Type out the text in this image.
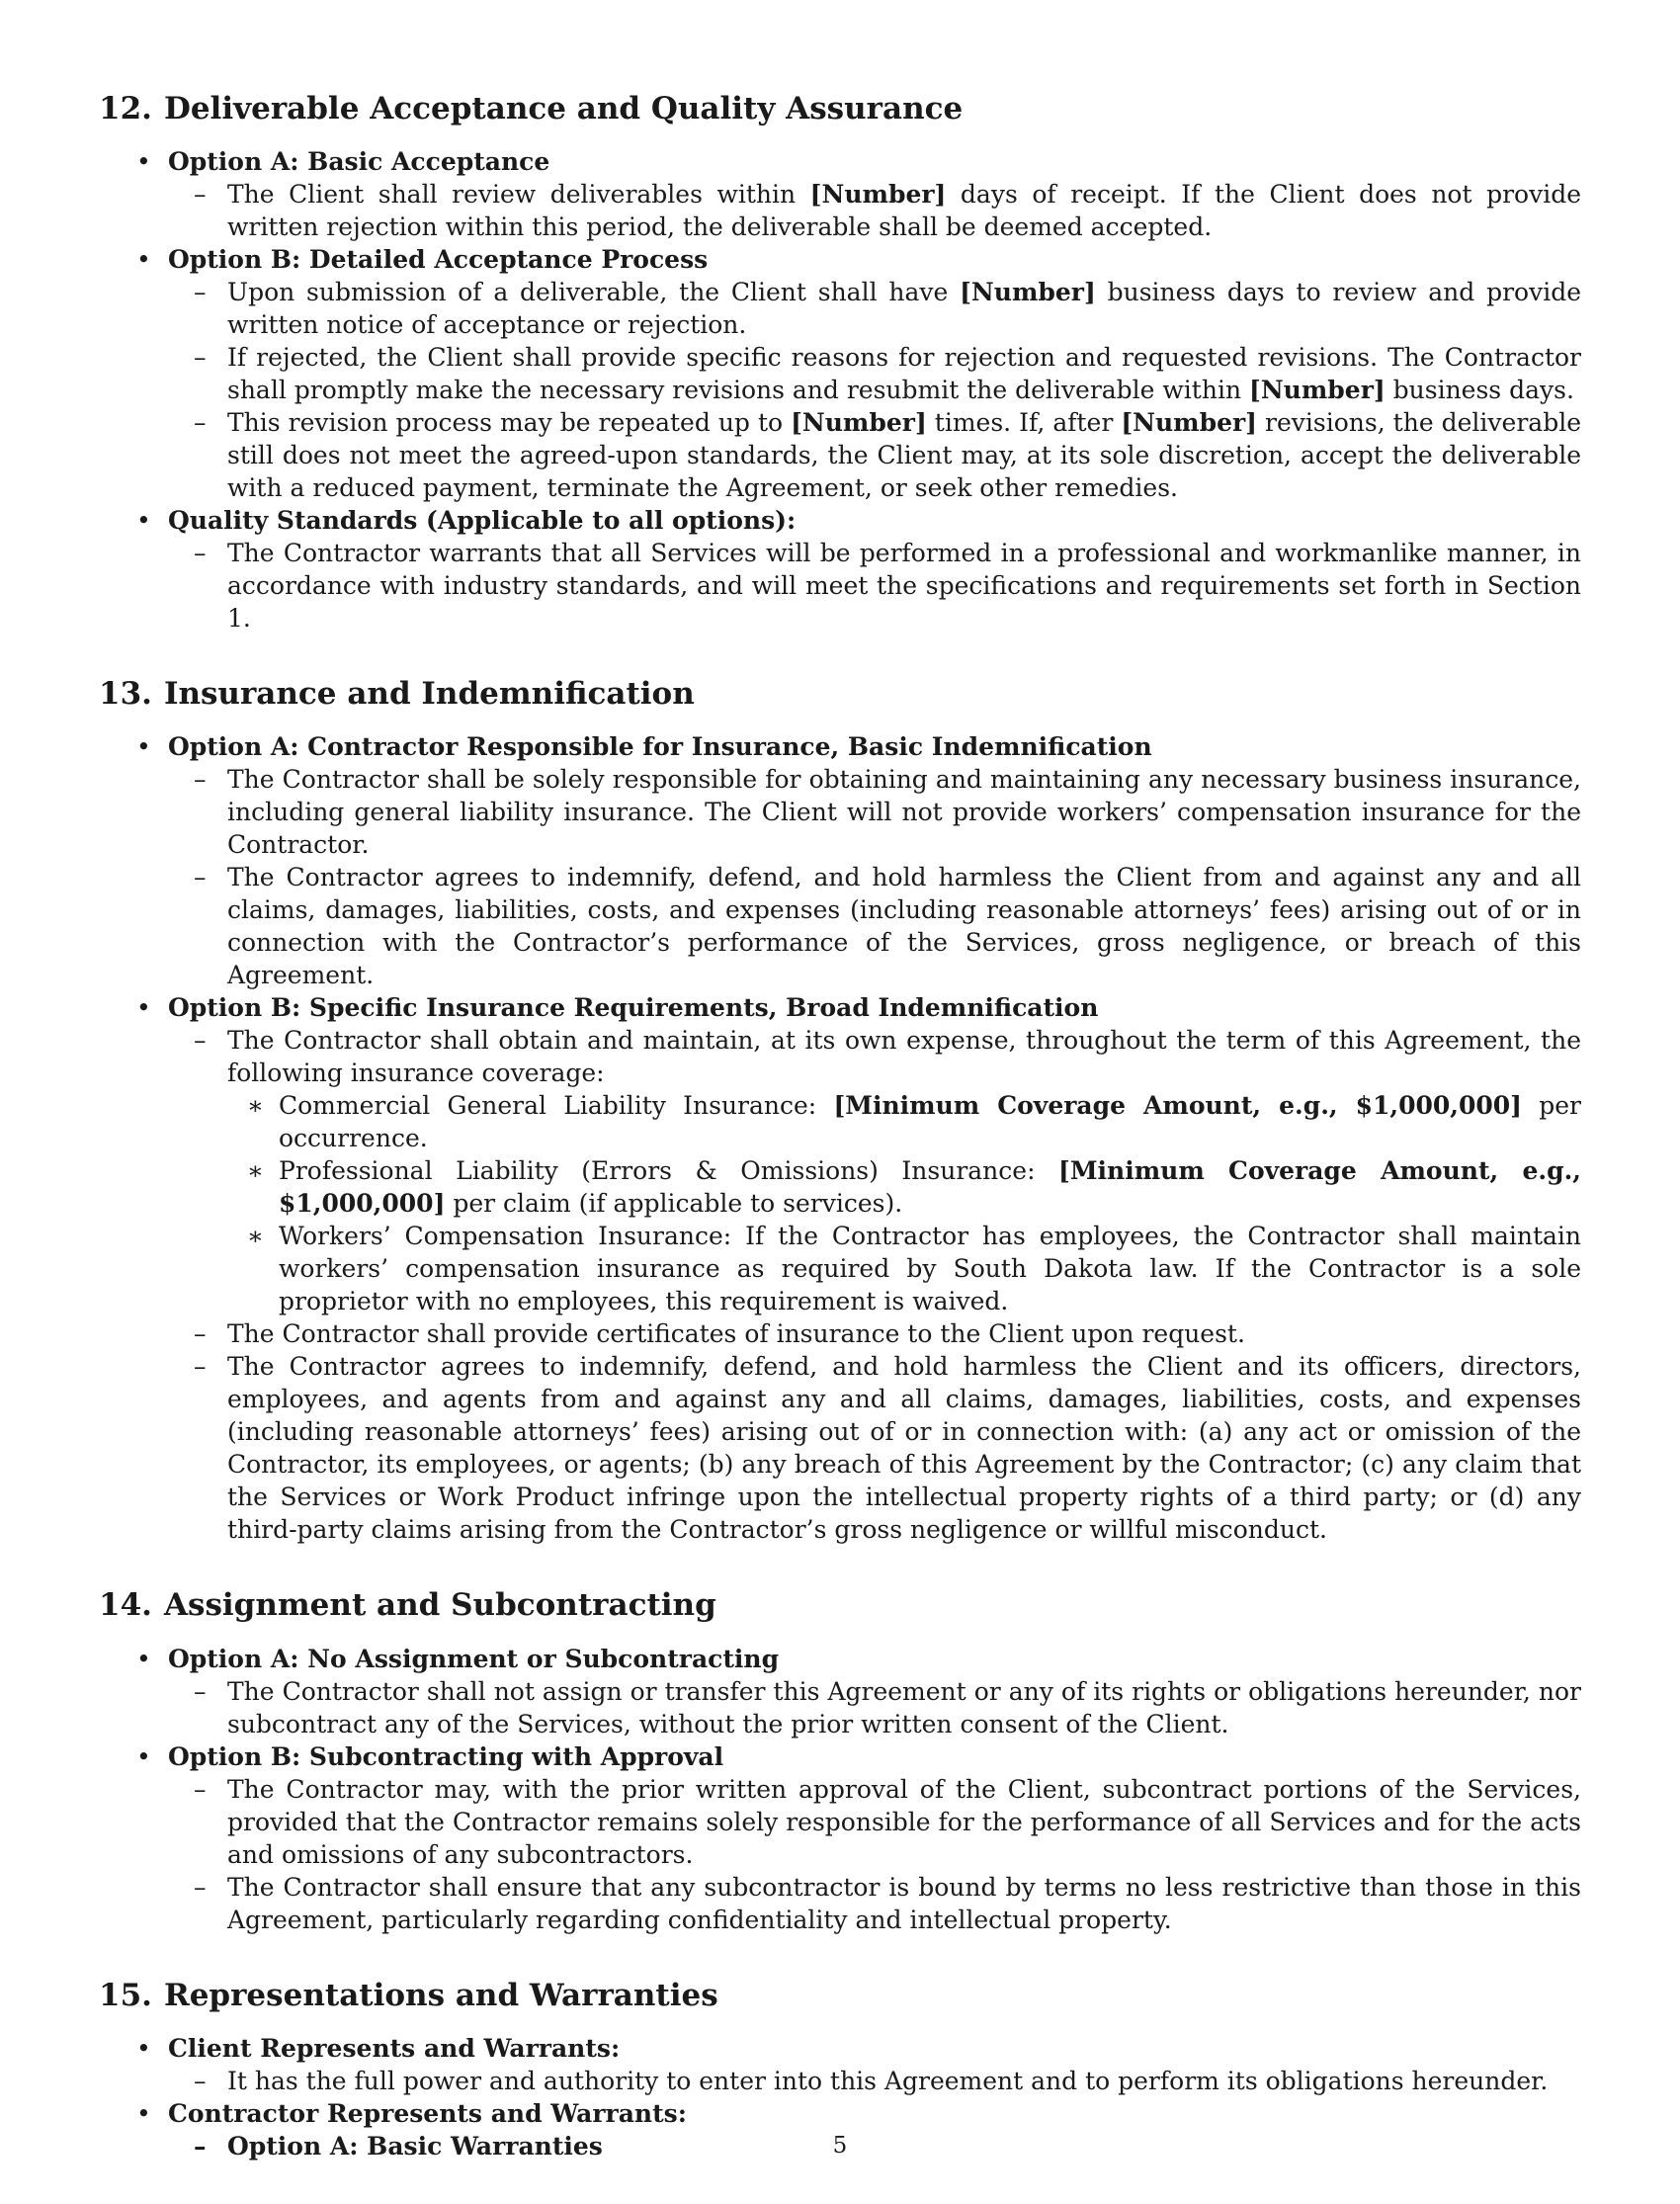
12. Deliverable Acceptance and Quality Assurance
• Option A: Basic Acceptance
– The Client shall review deliverables within [Number] days of receipt. If the Client does not provide written rejection within this period, the deliverable shall be deemed accepted.
• Option B: Detailed Acceptance Process
– Upon submission of a deliverable, the Client shall have [Number] business days to review and provide written notice of acceptance or rejection.
– If rejected, the Client shall provide specific reasons for rejection and requested revisions. The Contractor shall promptly make the necessary revisions and resubmit the deliverable within [Number] business days.
– This revision process may be repeated up to [Number] times. If, after [Number] revisions, the deliverable still does not meet the agreed-upon standards, the Client may, at its sole discretion, accept the deliverable with a reduced payment, terminate the Agreement, or seek other remedies.
• Quality Standards (Applicable to all options):
– The Contractor warrants that all Services will be performed in a professional and workmanlike manner, in accordance with industry standards, and will meet the specifications and requirements set forth in Section 1.
13. Insurance and Indemnification
• Option A: Contractor Responsible for Insurance, Basic Indemnification
– The Contractor shall be solely responsible for obtaining and maintaining any necessary business insurance, including general liability insurance. The Client will not provide workers’ compensation insurance for the Contractor.
– The Contractor agrees to indemnify, defend, and hold harmless the Client from and against any and all claims, damages, liabilities, costs, and expenses (including reasonable attorneys’ fees) arising out of or in connection with the Contractor’s performance of the Services, gross negligence, or breach of this Agreement.
• Option B: Specific Insurance Requirements, Broad Indemnification
– The Contractor shall obtain and maintain, at its own expense, throughout the term of this Agreement, the following insurance coverage:
∗ Commercial General Liability Insurance: [Minimum Coverage Amount, e.g., $1,000,000] per occurrence.
∗ Professional Liability (Errors & Omissions) Insurance: [Minimum Coverage Amount, e.g., $1,000,000] per claim (if applicable to services).
∗ Workers’ Compensation Insurance: If the Contractor has employees, the Contractor shall maintain workers’ compensation insurance as required by South Dakota law. If the Contractor is a sole proprietor with no employees, this requirement is waived.
– The Contractor shall provide certificates of insurance to the Client upon request.
– The Contractor agrees to indemnify, defend, and hold harmless the Client and its officers, directors, employees, and agents from and against any and all claims, damages, liabilities, costs, and expenses (including reasonable attorneys’ fees) arising out of or in connection with: (a) any act or omission of the Contractor, its employees, or agents; (b) any breach of this Agreement by the Contractor; (c) any claim that the Services or Work Product infringe upon the intellectual property rights of a third party; or (d) any third-party claims arising from the Contractor’s gross negligence or willful misconduct.
14. Assignment and Subcontracting
• Option A: No Assignment or Subcontracting
– The Contractor shall not assign or transfer this Agreement or any of its rights or obligations hereunder, nor subcontract any of the Services, without the prior written consent of the Client.
• Option B: Subcontracting with Approval
– The Contractor may, with the prior written approval of the Client, subcontract portions of the Services, provided that the Contractor remains solely responsible for the performance of all Services and for the acts and omissions of any subcontractors.
– The Contractor shall ensure that any subcontractor is bound by terms no less restrictive than those in this Agreement, particularly regarding confidentiality and intellectual property.
15. Representations and Warranties
• Client Represents and Warrants:
– It has the full power and authority to enter into this Agreement and to perform its obligations hereunder.
• Contractor Represents and Warrants:
– Option A: Basic Warranties	5
